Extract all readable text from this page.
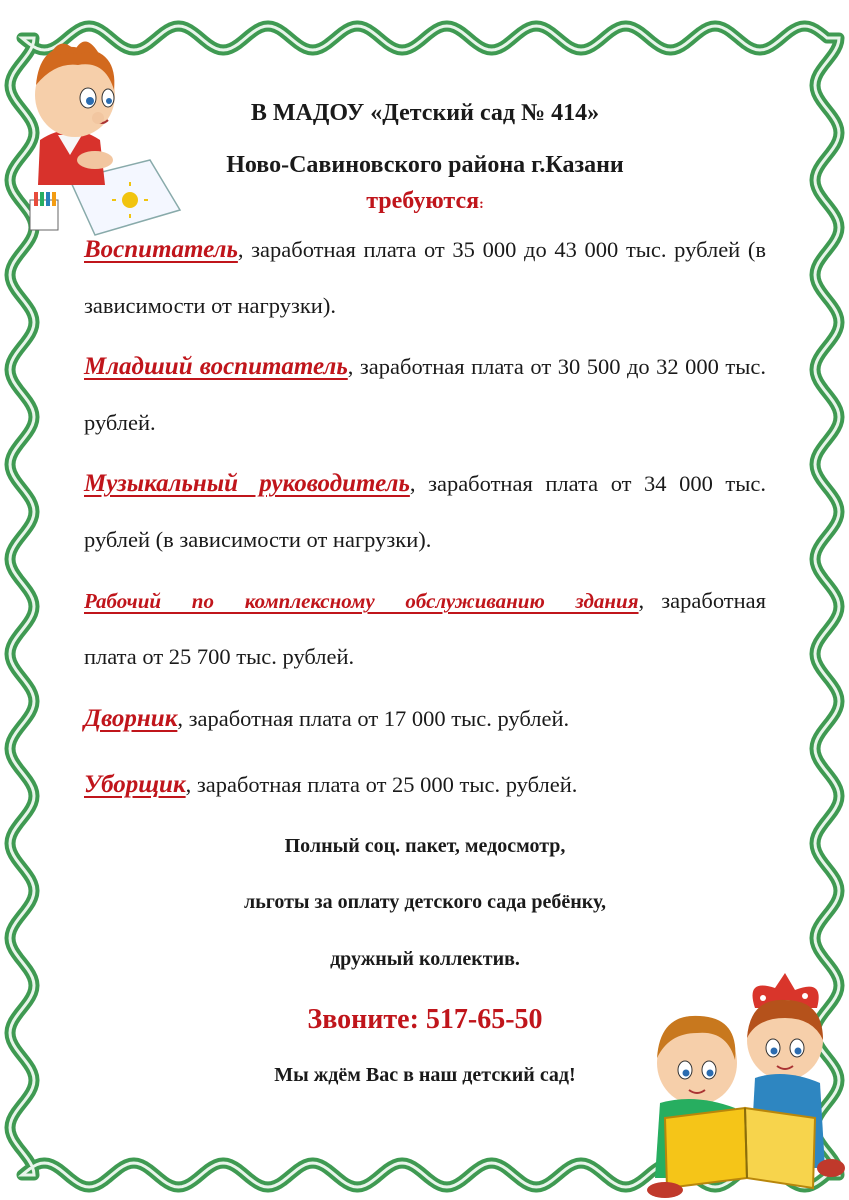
В МАДОУ «Детский сад № 414»

Ново-Савиновского района г.Казани

требуются:

Воспитатель, заработная плата от 35 000 до 43 000 тыс. рублей (в зависимости от нагрузки).

Младший воспитатель, заработная плата от 30 500 до 32 000 тыс. рублей.

Музыкальный руководитель, заработная плата от 34 000 тыс. рублей (в зависимости от нагрузки).

Рабочий по комплексному обслуживанию здания, заработная плата от 25 700 тыс. рублей.

Дворник, заработная плата от 17 000 тыс. рублей.

Уборщик, заработная плата от 25 000 тыс. рублей.

Полный соц. пакет, медосмотр,

льготы за оплату детского сада ребёнку,

дружный коллектив.

Звоните: 517-65-50

Мы ждём Вас в наш детский сад!
